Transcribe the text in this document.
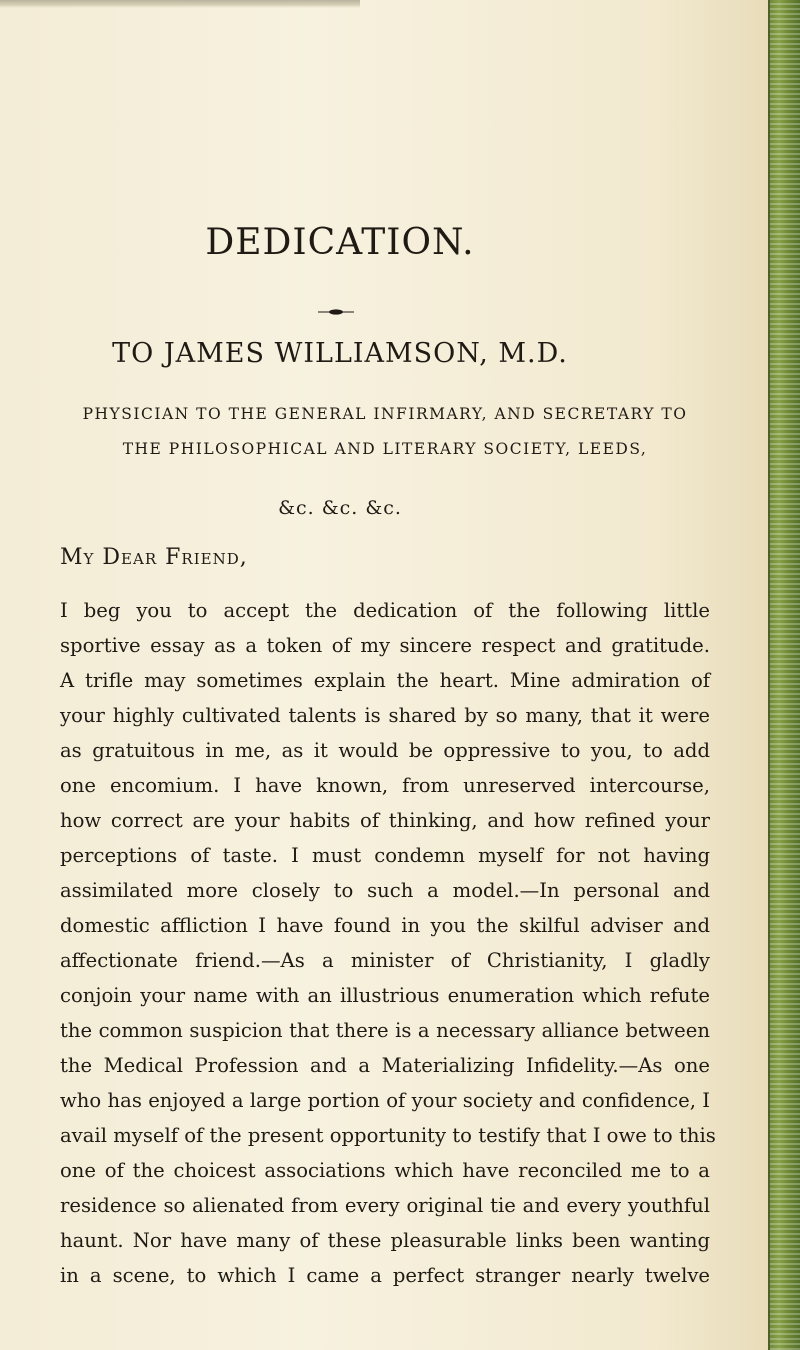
DEDICATION.
TO JAMES WILLIAMSON, M.D.
PHYSICIAN TO THE GENERAL INFIRMARY, AND SECRETARY TO
THE PHILOSOPHICAL AND LITERARY SOCIETY, LEEDS,
&c. &c. &c.
My Dear Friend,
I beg you to accept the dedication of the following little
sportive essay as a token of my sincere respect and gratitude.
A trifle may sometimes explain the heart. Mine admiration of
your highly cultivated talents is shared by so many, that it were
as gratuitous in me, as it would be oppressive to you, to add
one encomium. I have known, from unreserved intercourse,
how correct are your habits of thinking, and how refined your
perceptions of taste. I must condemn myself for not having
assimilated more closely to such a model.—In personal and
domestic affliction I have found in you the skilful adviser and
affectionate friend.—As a minister of Christianity, I gladly
conjoin your name with an illustrious enumeration which refute
the common suspicion that there is a necessary alliance between
the Medical Profession and a Materializing Infidelity.—As one
who has enjoyed a large portion of your society and confidence, I
avail myself of the present opportunity to testify that I owe to this
one of the choicest associations which have reconciled me to a
residence so alienated from every original tie and every youthful
haunt. Nor have many of these pleasurable links been wanting
in a scene, to which I came a perfect stranger nearly twelve
